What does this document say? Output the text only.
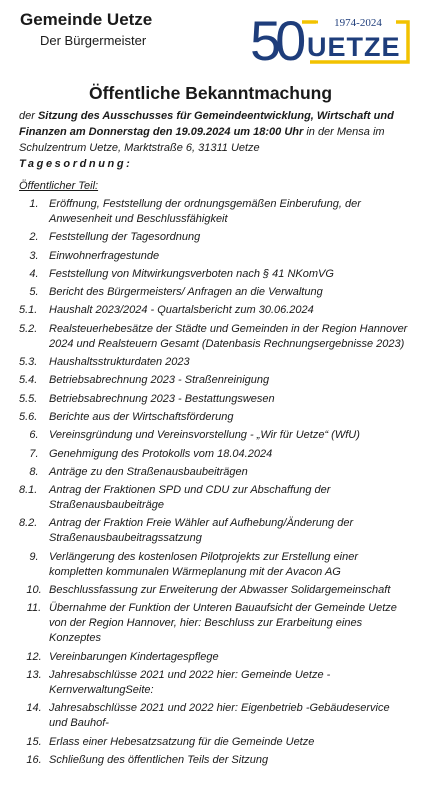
Gemeinde Uetze
Der Bürgermeister 50	1974-2024
UETZE
Öffentliche Bekanntmachung
der Sitzung des Ausschusses für Gemeindeentwicklung, Wirtschaft und Finanzen am Donnerstag den 19.09.2024 um 18:00 Uhr in der Mensa im Schulzentrum Uetze, Marktstraße 6, 31311 Uetze
Tagesordnung:
Öffentlicher Teil:
1. Eröffnung, Feststellung der ordnungsgemäßen Einberufung, der Anwesenheit und Beschlussfähigkeit
2. Feststellung der Tagesordnung
3. Einwohnerfragestunde
4. Feststellung von Mitwirkungsverboten nach § 41 NKomVG
5. Bericht des Bürgermeisters/ Anfragen an die Verwaltung
5.1.	Haushalt 2023/2024 - Quartalsbericht zum 30.06.2024
5.2.	Realsteuerhebesätze der Städte und Gemeinden in der Region Hannover 2024 und Realsteuern Gesamt (Datenbasis Rechnungsergebnisse 2023)
5.3.	Haushaltsstrukturdaten 2023
5.4.	Betriebsabrechnung 2023 - Straßenreinigung
5.5.	Betriebsabrechnung 2023 - Bestattungswesen
5.6.	Berichte aus der Wirtschaftsförderung
6. Vereinsgründung und Vereinsvorstellung - „Wir für Uetze“ (WfU)
7. Genehmigung des Protokolls vom 18.04.2024
8. Anträge zu den Straßenausbaubeiträgen
8.1.	Antrag der Fraktionen SPD und CDU zur Abschaffung der Straßenausbaubeiträge
8.2.	Antrag der Fraktion Freie Wähler auf Aufhebung/Änderung der Straßenausbaubeitragssatzung
9. Verlängerung des kostenlosen Pilotprojekts zur Erstellung einer kompletten kommunalen Wärmeplanung mit der Avacon AG
10. Beschlussfassung zur Erweiterung der Abwasser Solidargemeinschaft
11. Übernahme der Funktion der Unteren Bauaufsicht der Gemeinde Uetze von der Region Hannover, hier: Beschluss zur Erarbeitung eines Konzeptes
12. Vereinbarungen Kindertagespflege
13. Jahresabschlüsse 2021 und 2022 hier: Gemeinde Uetze -KernverwaltungSeite:
14. Jahresabschlüsse 2021 und 2022 hier: Eigenbetrieb -Gebäudeservice und Bauhof-
15. Erlass einer Hebesatzsatzung für die Gemeinde Uetze
16. Schließung des öffentlichen Teils der Sitzung
